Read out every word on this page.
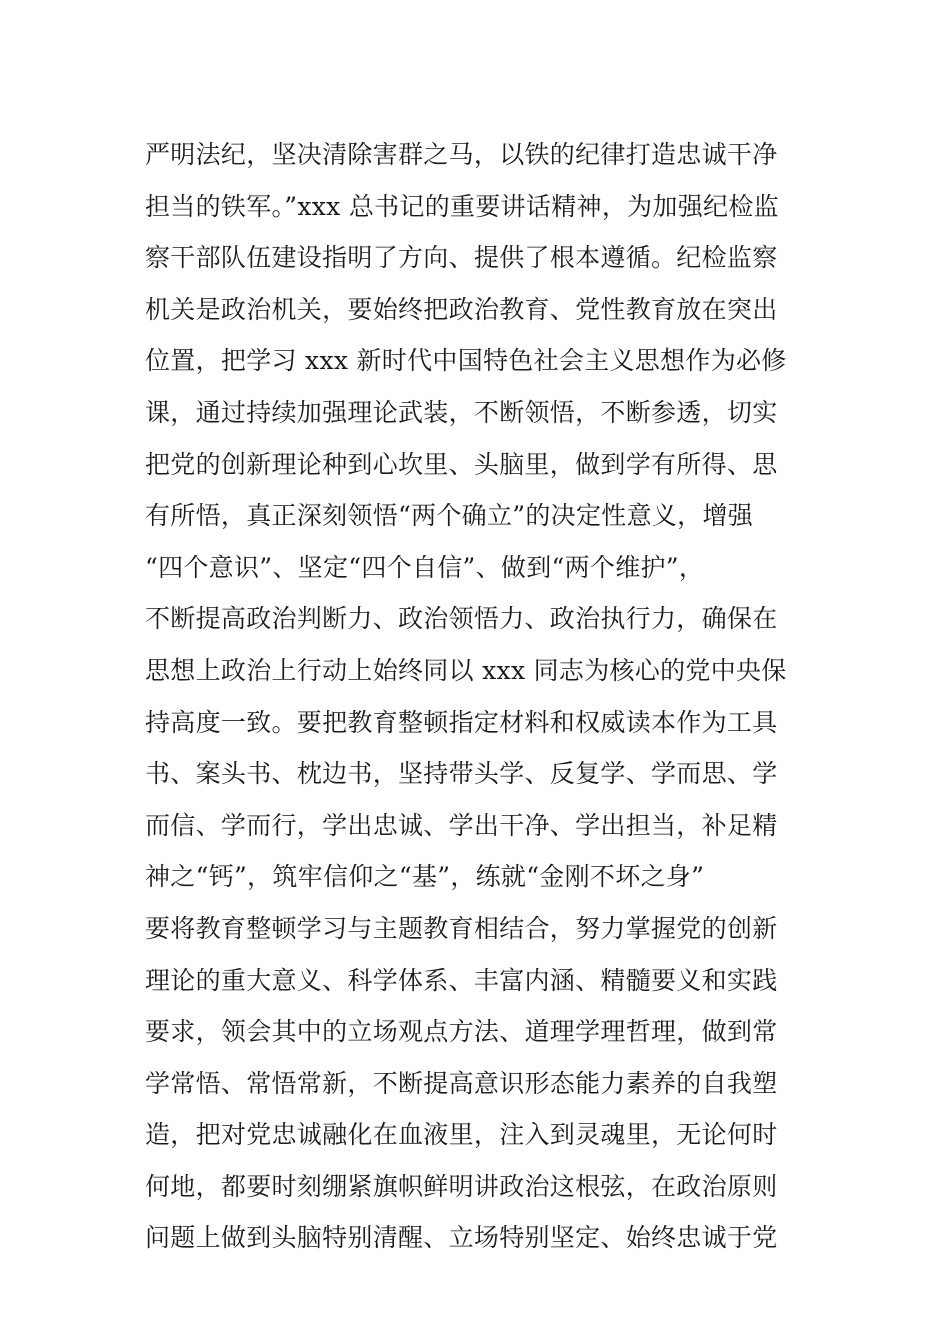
严明法纪，坚决清除害群之马，以铁的纪律打造忠诚干净
担当的铁军。”xxx 总书记的重要讲话精神，为加强纪检监
察干部队伍建设指明了方向、提供了根本遵循。纪检监察
机关是政治机关，要始终把政治教育、党性教育放在突出
位置，把学习 xxx 新时代中国特色社会主义思想作为必修
课，通过持续加强理论武装，不断领悟，不断参透，切实
把党的创新理论种到心坎里、头脑里，做到学有所得、思
有所悟，真正深刻领悟“两个确立”的决定性意义，增强
“四个意识”、坚定“四个自信”、做到“两个维护”，
不断提高政治判断力、政治领悟力、政治执行力，确保在
思想上政治上行动上始终同以 xxx 同志为核心的党中央保
持高度一致。要把教育整顿指定材料和权威读本作为工具
书、案头书、枕边书，坚持带头学、反复学、学而思、学
而信、学而行，学出忠诚、学出干净、学出担当，补足精
神之“钙”，筑牢信仰之“基”，练就“金刚不坏之身”
要将教育整顿学习与主题教育相结合，努力掌握党的创新
理论的重大意义、科学体系、丰富内涵、精髓要义和实践
要求，领会其中的立场观点方法、道理学理哲理，做到常
学常悟、常悟常新，不断提高意识形态能力素养的自我塑
造，把对党忠诚融化在血液里，注入到灵魂里，无论何时
何地，都要时刻绷紧旗帜鲜明讲政治这根弦，在政治原则
问题上做到头脑特别清醒、立场特别坚定、始终忠诚于党
